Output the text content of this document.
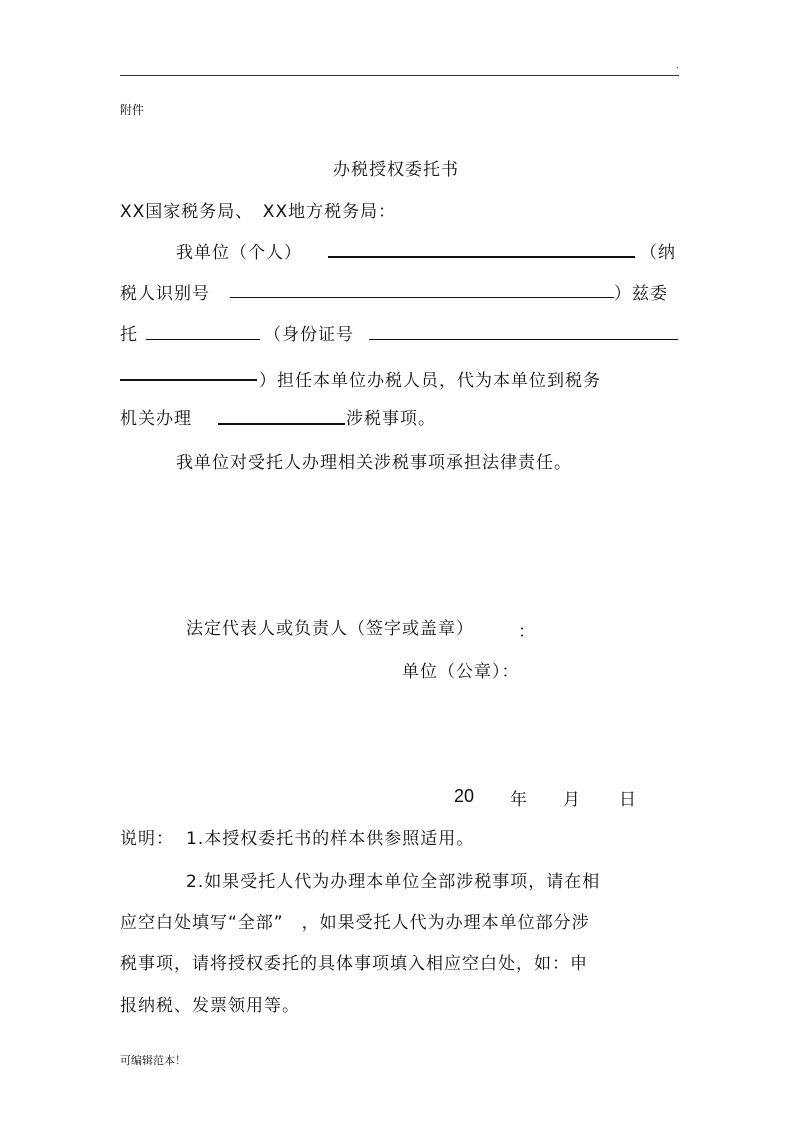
.
附件
办税授权委托书
XX国家税务局、　XX地方税务局：
我单位（个人）	（纳
税人识别号	）兹委
托	（身份证号
）担任本单位办税人员，代为本单位到税务
机关办理	涉税事项。
我单位对受托人办理相关涉税事项承担法律责任。
法定代表人或负责人（签字或盖章）	：
单位（公章）：
20 年 月 日
说明： 1.本授权委托书的样本供参照适用。
2.如果受托人代为办理本单位全部涉税事项，请在相
应空白处填写“全部”　，如果受托人代为办理本单位部分涉
税事项，请将授权委托的具体事项填入相应空白处，如：申
报纳税、发票领用等。
可编辑范本！
